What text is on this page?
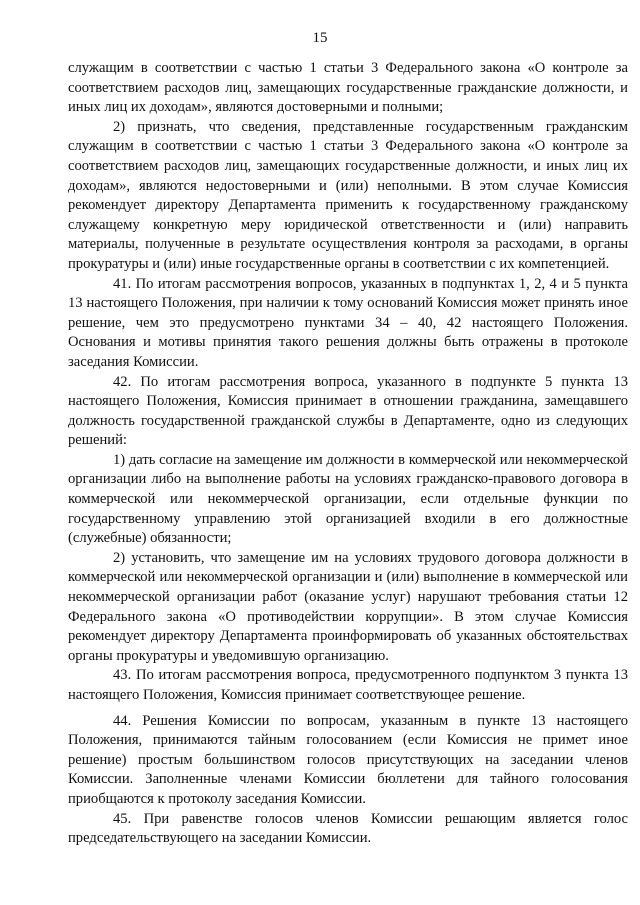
15

служащим в соответствии с частью 1 статьи 3 Федерального закона «О контроле за соответствием расходов лиц, замещающих государственные гражданские должности, и иных лиц их доходам», являются достоверными и полными;

2) признать, что сведения, представленные государственным гражданским служащим в соответствии с частью 1 статьи 3 Федерального закона «О контроле за соответствием расходов лиц, замещающих государственные должности, и иных лиц их доходам», являются недостоверными и (или) неполными. В этом случае Комиссия рекомендует директору Департамента применить к государственному гражданскому служащему конкретную меру юридической ответственности и (или) направить материалы, полученные в результате осуществления контроля за расходами, в органы прокуратуры и (или) иные государственные органы в соответствии с их компетенцией.

41. По итогам рассмотрения вопросов, указанных в подпунктах 1, 2, 4 и 5 пункта 13 настоящего Положения, при наличии к тому оснований Комиссия может принять иное решение, чем это предусмотрено пунктами 34 – 40, 42 настоящего Положения. Основания и мотивы принятия такого решения должны быть отражены в протоколе заседания Комиссии.

42. По итогам рассмотрения вопроса, указанного в подпункте 5 пункта 13 настоящего Положения, Комиссия принимает в отношении гражданина, замещавшего должность государственной гражданской службы в Департаменте, одно из следующих решений:

1) дать согласие на замещение им должности в коммерческой или некоммерческой организации либо на выполнение работы на условиях гражданско-правового договора в коммерческой или некоммерческой организации, если отдельные функции по государственному управлению этой организацией входили в его должностные (служебные) обязанности;

2) установить, что замещение им на условиях трудового договора должности в коммерческой или некоммерческой организации и (или) выполнение в коммерческой или некоммерческой организации работ (оказание услуг) нарушают требования статьи 12 Федерального закона «О противодействии коррупции». В этом случае Комиссия рекомендует директору Департамента проинформировать об указанных обстоятельствах органы прокуратуры и уведомившую организацию.

43. По итогам рассмотрения вопроса, предусмотренного подпунктом 3 пункта 13 настоящего Положения, Комиссия принимает соответствующее решение.

44. Решения Комиссии по вопросам, указанным в пункте 13 настоящего Положения, принимаются тайным голосованием (если Комиссия не примет иное решение) простым большинством голосов присутствующих на заседании членов Комиссии. Заполненные членами Комиссии бюллетени для тайного голосования приобщаются к протоколу заседания Комиссии.

45. При равенстве голосов членов Комиссии решающим является голос председательствующего на заседании Комиссии.
